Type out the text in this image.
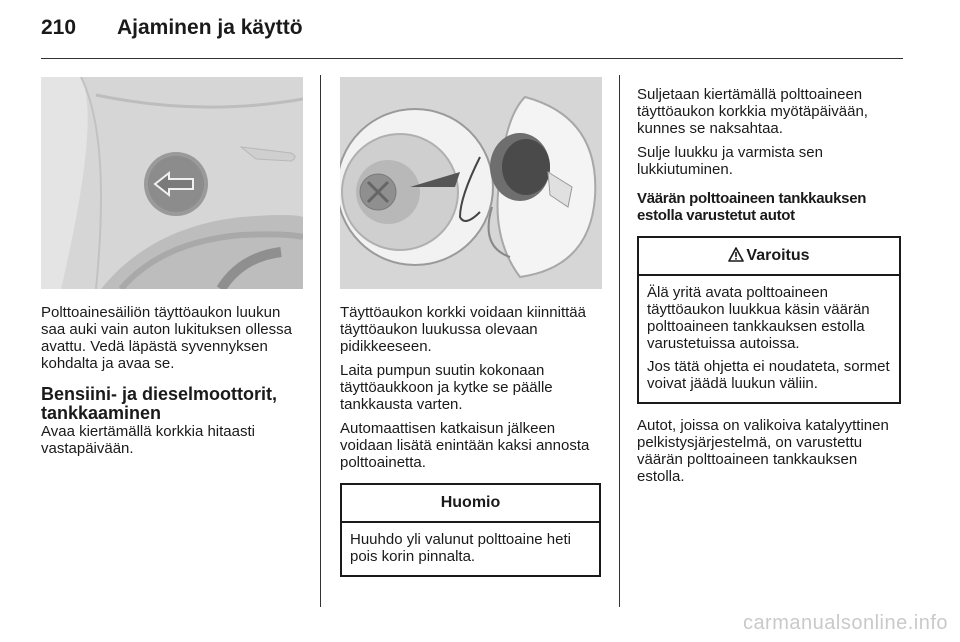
210 Ajaminen ja käyttö

Polttoainesäiliön täyttöaukon luukun saa auki vain auton lukituksen ollessa avattu. Vedä läpästä syvennyksen kohdalta ja avaa se.

Bensiini- ja dieselmoottorit, tankkaaminen

Avaa kiertämällä korkkia hitaasti vastapäivään.

Täyttöaukon korkki voidaan kiinnittää täyttöaukon luukussa olevaan pidikkeeseen.

Laita pumpun suutin kokonaan täyttöaukkoon ja kytke se päälle tankkausta varten.

Automaattisen katkaisun jälkeen voidaan lisätä enintään kaksi annosta polttoainetta.

Huomio

Huuhdo yli valunut polttoaine heti pois korin pinnalta.

Suljetaan kiertämällä polttoaineen täyttöaukon korkkia myötäpäivään, kunnes se naksahtaa.

Sulje luukku ja varmista sen lukkiutuminen.

Väärän polttoaineen tankkauksen estolla varustetut autot
Varoitus

Älä yritä avata polttoaineen täyttöaukon luukkua käsin väärän polttoaineen tankkauksen estolla varustetuissa autoissa.

Jos tätä ohjetta ei noudateta, sormet voivat jäädä luukun väliin.

Autot, joissa on valikoiva katalyyttinen pelkistysjärjestelmä, on varustettu väärän polttoaineen tankkauksen estolla.

carmanualsonline.info
